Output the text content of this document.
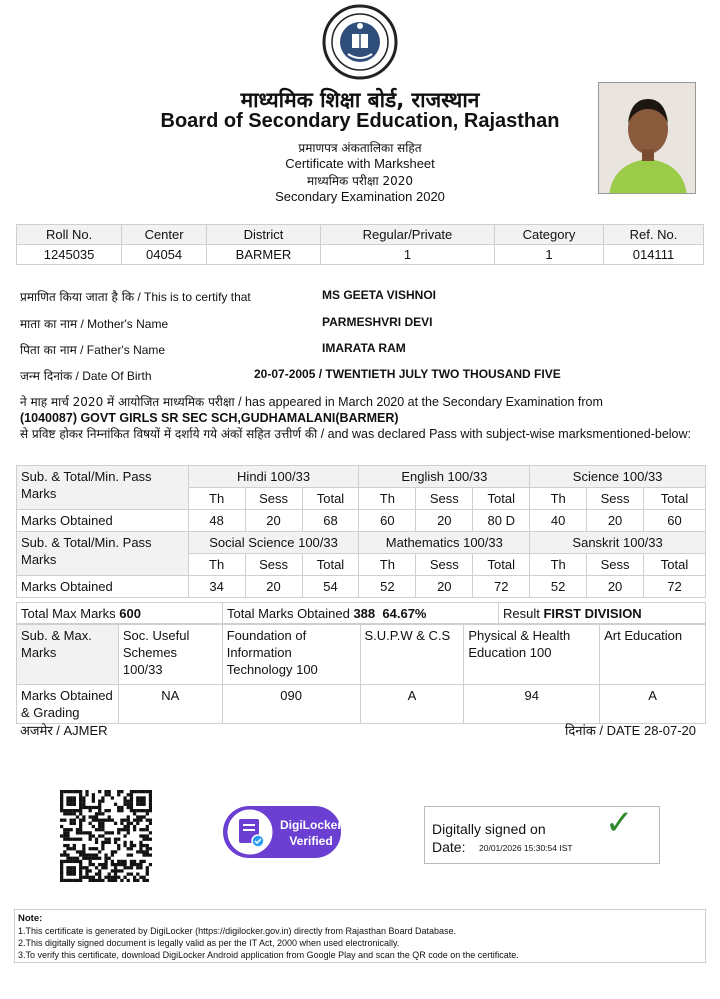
माध्यमिक शिक्षा बोर्ड, राजस्थान
Board of Secondary Education, Rajasthan
प्रमाणपत्र अंकतालिका सहित
Certificate with Marksheet
माध्यमिक परीक्षा 2020
Secondary Examination 2020
Roll No.	Center	District	Regular/Private	Category	Ref. No.
1245035	04054	BARMER	1	1	014111
प्रमाणित किया जाता है कि / This is to certify that	MS GEETA VISHNOI
माता का नाम / Mother's Name	PARMESHVRI DEVI
पिता का नाम / Father's Name	IMARATA RAM
जन्म दिनांक / Date Of Birth	20-07-2005 / TWENTIETH JULY TWO THOUSAND FIVE
ने माह मार्च 2020 में आयोजित माध्यमिक परीक्षा / has appeared in March 2020 at the Secondary Examination from
(1040087) GOVT GIRLS SR SEC SCH,GUDHAMALANI(BARMER)
से प्रविष्ट होकर निम्नांकित विषयों में दर्शाये गये अंकों सहित उत्तीर्ण की / and was declared Pass with subject-wise marksmentioned-below:
Sub. & Total/Min. Pass Marks	Hindi 100/33			English 100/33			Science 100/33		
	Th	Sess	Total	Th	Sess	Total	Th	Sess	Total
Marks Obtained	48	20	68	60	20	80 D	40	20	60
Sub. & Total/Min. Pass Marks	Social Science 100/33			Mathematics 100/33			Sanskrit 100/33		
	Th	Sess	Total	Th	Sess	Total	Th	Sess	Total
Marks Obtained	34	20	54	52	20	72	52	20	72
Total Max Marks 600	Total Marks Obtained 388 64.67%	Result FIRST DIVISION
Sub. & Max. Marks	Soc. Useful Schemes 100/33	Foundation of Information Technology 100	S.U.P.W & C.S	Physical & Health Education 100	Art Education
Marks Obtained & Grading	NA	090	A	94	A
अजमेर / AJMER	दिनांक / DATE 28-07-20
DigiLocker
Verified	✓
Digitally signed on
Date: 20/01/2026 15:30:54 IST
Note:
1.This certificate is generated by DigiLocker (https://digilocker.gov.in) directly from Rajasthan Board Database.
2.This digitally signed document is legally valid as per the IT Act, 2000 when used electronically.
3.To verify this certificate, download DigiLocker Android application from Google Play and scan the QR code on the certificate.
